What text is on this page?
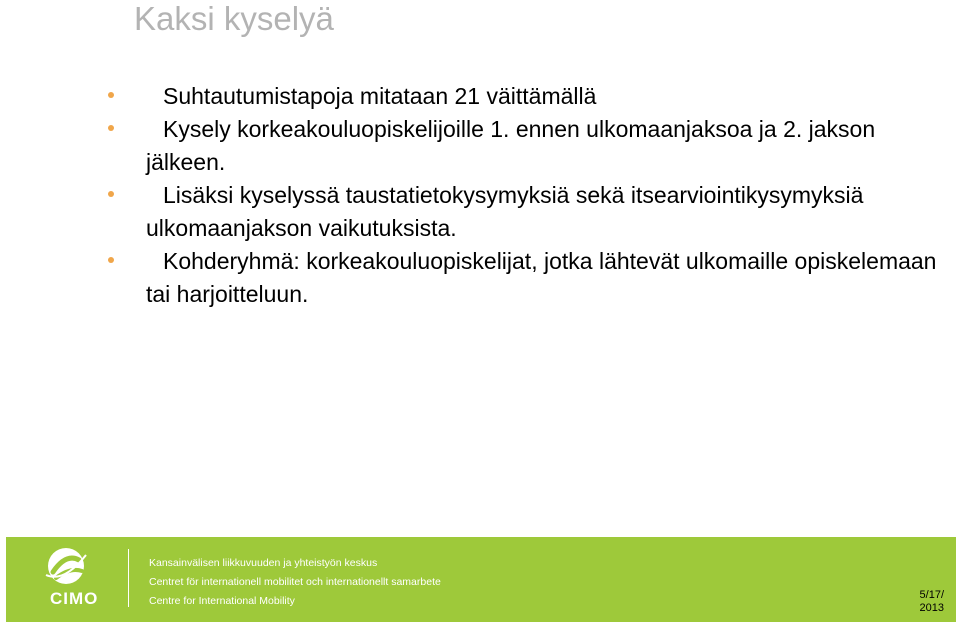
Kaksi kyselyä
Suhtautumistapoja mitataan 21 väittämällä
Kysely korkeakouluopiskelijoille 1. ennen ulkomaanjaksoa ja 2. jakson jälkeen.
Lisäksi kyselyssä taustatietokysymyksiä sekä itsearviointikysymyksiä ulkomaanjakson vaikutuksista.
Kohderyhmä: korkeakouluopiskelijat, jotka lähtevät ulkomaille opiskelemaan tai harjoitteluun.
CIMO
Kansainvälisen liikkuvuuden ja yhteistyön keskus
Centret för internationell mobilitet och internationellt samarbete
Centre for International Mobility	5/17/
2013
